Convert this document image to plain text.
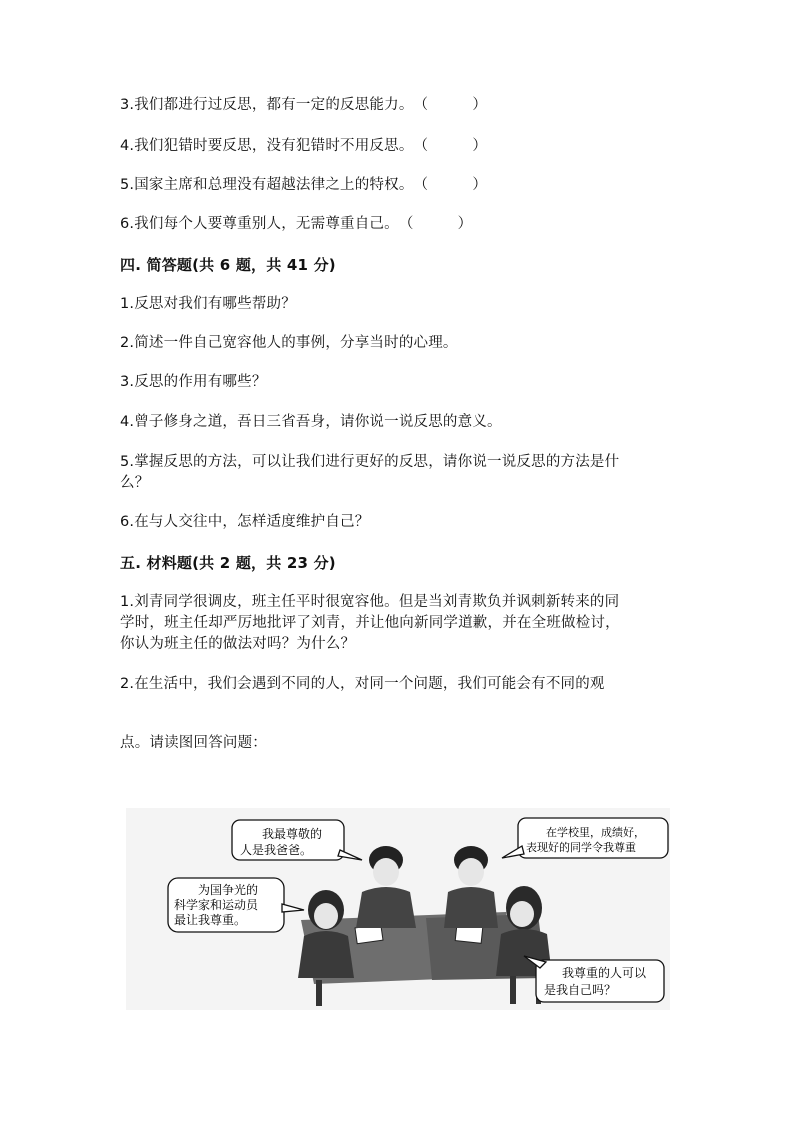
3.我们都进行过反思，都有一定的反思能力。（　　　）
4.我们犯错时要反思，没有犯错时不用反思。（　　　）
5.国家主席和总理没有超越法律之上的特权。（　　　）
6.我们每个人要尊重别人，无需尊重自己。（　　　）
四. 简答题(共 6 题，共 41 分)
1.反思对我们有哪些帮助？
2.简述一件自己宽容他人的事例，分享当时的心理。
3.反思的作用有哪些？
4.曾子修身之道，吾日三省吾身，请你说一说反思的意义。
5.掌握反思的方法，可以让我们进行更好的反思，请你说一说反思的方法是什
么？
6.在与人交往中，怎样适度维护自己？
五. 材料题(共 2 题，共 23 分)
1.刘青同学很调皮，班主任平时很宽容他。但是当刘青欺负并讽刺新转来的同
学时，班主任却严厉地批评了刘青，并让他向新同学道歉，并在全班做检讨，
你认为班主任的做法对吗？为什么？
2.在生活中，我们会遇到不同的人，对同一个问题，我们可能会有不同的观
点。请读图回答问题：
我最尊敬的
人是我爸爸。
为国争光的
科学家和运动员
最让我尊重。
在学校里，成绩好，
表现好的同学令我尊重
我尊重的人可以
是我自己吗？
